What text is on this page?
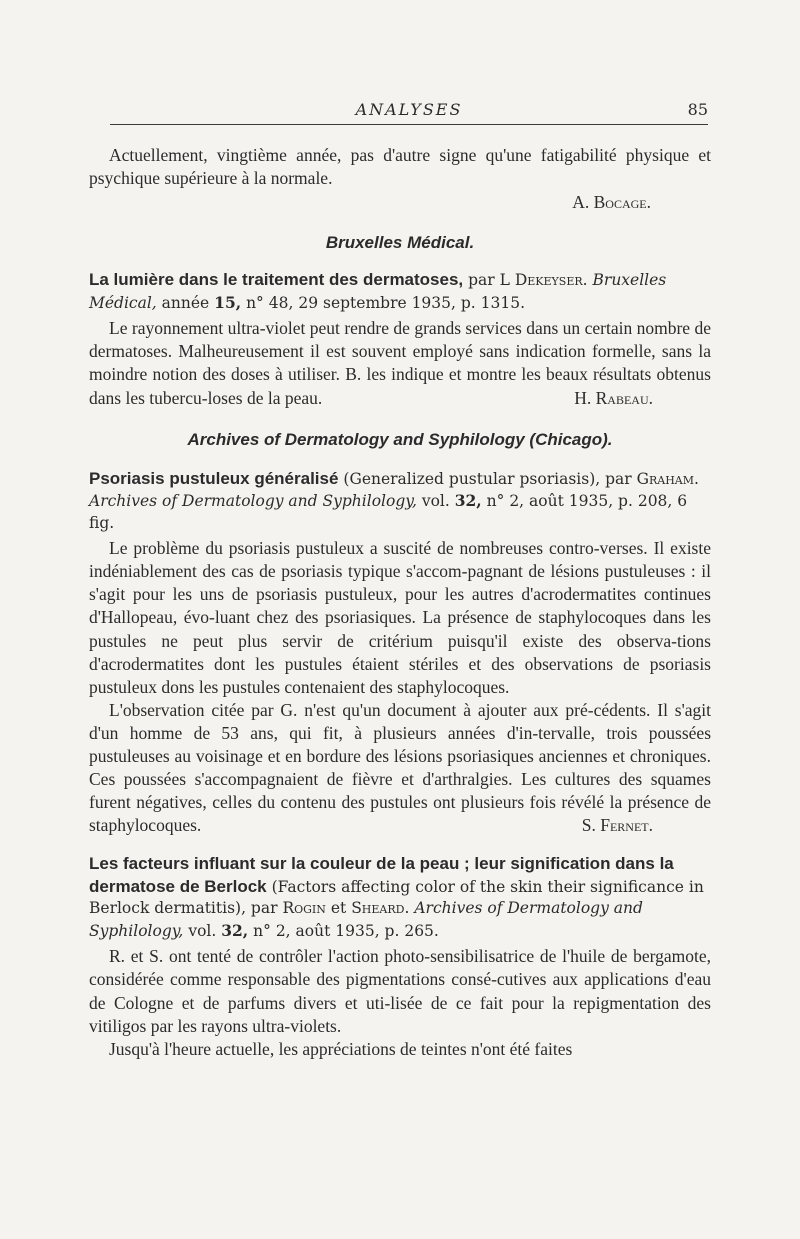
ANALYSES	85

Actuellement, vingtième année, pas d'autre signe qu'une fatigabilité physique et psychique supérieure à la normale.

A. Bocage.

Bruxelles Médical.

La lumière dans le traitement des dermatoses, par L Dekeyser. Bruxelles Médical, année 15, n° 48, 29 septembre 1935, p. 1315.

Le rayonnement ultra-violet peut rendre de grands services dans un certain nombre de dermatoses. Malheureusement il est souvent employé sans indication formelle, sans la moindre notion des doses à utiliser. B. les indique et montre les beaux résultats obtenus dans les tubercu-loses de la peau.	H. Rabeau.

Archives of Dermatology and Syphilology (Chicago).

Psoriasis pustuleux généralisé (Generalized pustular psoriasis), par Graham. Archives of Dermatology and Syphilology, vol. 32, n° 2, août 1935, p. 208, 6 fig.

Le problème du psoriasis pustuleux a suscité de nombreuses contro-verses. Il existe indéniablement des cas de psoriasis typique s'accom-pagnant de lésions pustuleuses : il s'agit pour les uns de psoriasis pustuleux, pour les autres d'acrodermatites continues d'Hallopeau, évo-luant chez des psoriasiques. La présence de staphylocoques dans les pustules ne peut plus servir de critérium puisqu'il existe des observa-tions d'acrodermatites dont les pustules étaient stériles et des observations de psoriasis pustuleux dons les pustules contenaient des staphylocoques.

L'observation citée par G. n'est qu'un document à ajouter aux pré-cédents. Il s'agit d'un homme de 53 ans, qui fit, à plusieurs années d'in-tervalle, trois poussées pustuleuses au voisinage et en bordure des lésions psoriasiques anciennes et chroniques. Ces poussées s'accompagnaient de fièvre et d'arthralgies. Les cultures des squames furent négatives, celles du contenu des pustules ont plusieurs fois révélé la présence de staphylocoques.	S. Fernet.

Les facteurs influant sur la couleur de la peau ; leur signification dans la dermatose de Berlock (Factors affecting color of the skin their significance in Berlock dermatitis), par Rogin et Sheard. Archives of Dermatology and Syphilology, vol. 32, n° 2, août 1935, p. 265.

R. et S. ont tenté de contrôler l'action photo-sensibilisatrice de l'huile de bergamote, considérée comme responsable des pigmentations consé-cutives aux applications d'eau de Cologne et de parfums divers et uti-lisée de ce fait pour la repigmentation des vitiligos par les rayons ultra-violets.

Jusqu'à l'heure actuelle, les appréciations de teintes n'ont été faites
